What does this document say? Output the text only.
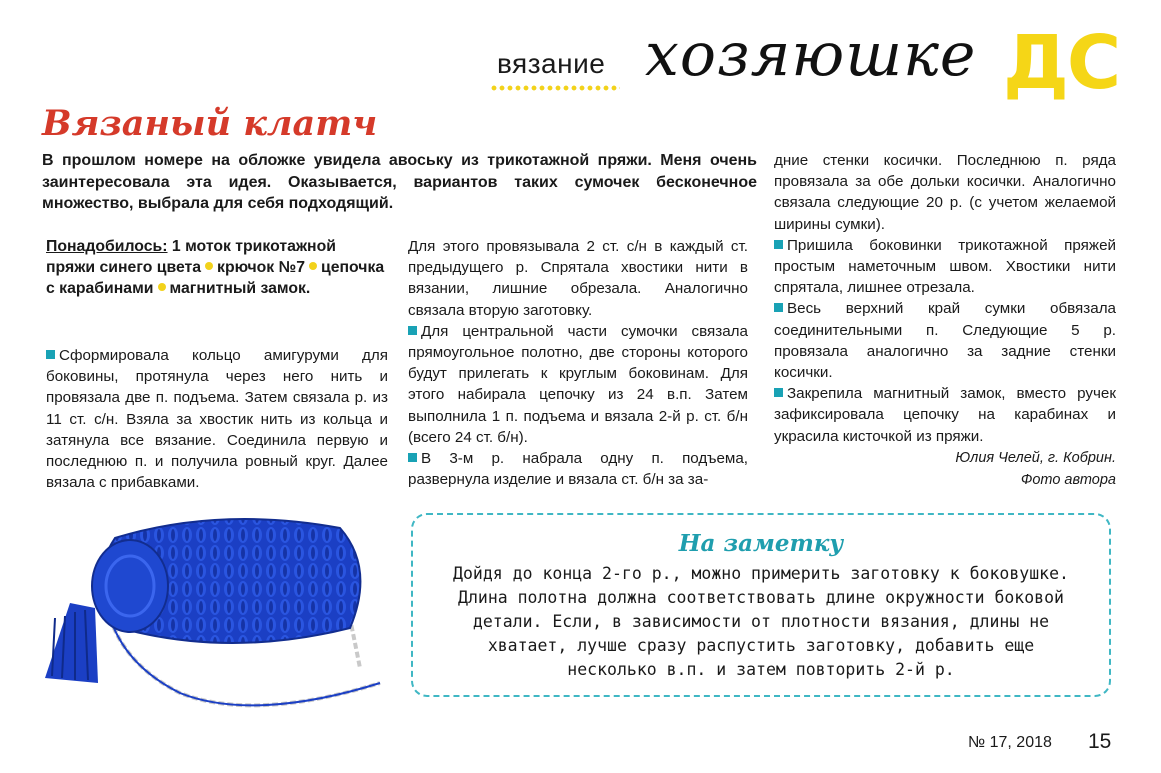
вязание хозяюшке ДС
Вязаный клатч
В прошлом номере на обложке увидела авоську из трикотажной пряжи. Меня очень заинтересовала эта идея. Оказывается, вариантов таких сумочек бесконечное множество, выбрала для себя подходящий.
Понадобилось: 1 моток трикотажной пряжи синего цвета крючок №7 цепочка с карабинами магнитный замок.

Сформировала кольцо амигуруми для боковины, протянула через него нить и провязала две п. подъема. Затем связала р. из 11 ст. с/н. Взяла за хвостик нить из кольца и затянула все вязание. Соединила первую и последнюю п. и получила ровный круг. Далее вязала с прибавками.

Для этого провязывала 2 ст. с/н в каждый ст. предыдущего р. Спрятала хвостики нити в вязании, лишние обрезала. Аналогично связала вторую заготовку.

Для центральной части сумочки связала прямоугольное полотно, две стороны которого будут прилегать к круглым боковинам. Для этого набирала цепочку из 24 в.п. Затем выполнила 1 п. подъема и вязала 2-й р. ст. б/н (всего 24 ст. б/н).

В 3-м р. набрала одну п. подъема, развернула изделие и вязала ст. б/н за за-

дние стенки косички. Последнюю п. ряда провязала за обе дольки косички. Аналогично связала следующие 20 р. (с учетом желаемой ширины сумки).

Пришила боковинки трикотажной пряжей простым наметочным швом. Хвостики нити спрятала, лишнее отрезала.

Весь верхний край сумки обвязала соединительными п. Следующие 5 р. провязала аналогично за задние стенки косички.

Закрепила магнитный замок, вместо ручек зафиксировала цепочку на карабинах и украсила кисточкой из пряжи.

Юлия Челей, г. Кобрин.

Фото автора

На заметку
Дойдя до конца 2-го р., можно примерить заготовку к боковушке. Длина полотна должна соответствовать длине окружности боковой детали. Если, в зависимости от плотности вязания, длины не хватает, лучше сразу распустить заготовку, добавить еще несколько в.п. и затем повторить 2-й р.
№ 17, 2018 15
